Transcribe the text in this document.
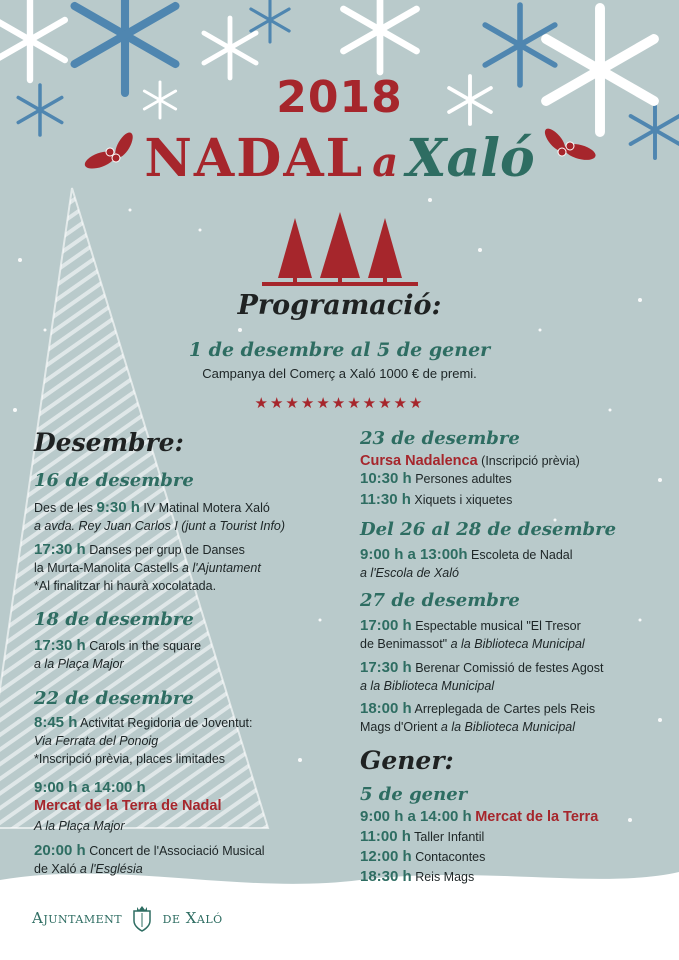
2018
NADAL a Xaló
Programació:
1 de desembre al 5 de gener
Campanya del Comerç a Xaló 1000 € de premi.
★★★★★★★★★★★
Desembre:
16 de desembre
Des de les 9:30 h IV Matinal Motera Xaló
a avda. Rey Juan Carlos I (junt a Tourist Info)
17:30 h Danses per grup de Danses
la Murta-Manolita Castells a l'Ajuntament
*Al finalitzar hi haurà xocolatada.
18 de desembre
17:30 h Carols in the square
a la Plaça Major
22 de desembre
8:45 h Activitat Regidoria de Joventut:
Via Ferrata del Ponoig
*Inscripció prèvia, places limitades
9:00 h a 14:00 h
Mercat de la Terra de Nadal
A la Plaça Major
20:00 h Concert de l'Associació Musical
de Xaló a l'Església
23 de desembre
Cursa Nadalenca (Inscripció prèvia)
10:30 h Persones adultes
11:30 h Xiquets i xiquetes
Del 26 al 28 de desembre
9:00 h a 13:00h Escoleta de Nadal
a l'Escola de Xaló
27 de desembre
17:00 h Espectable musical "El Tresor
de Benimassot" a la Biblioteca Municipal
17:30 h Berenar Comissió de festes Agost
a la Biblioteca Municipal
18:00 h Arreplegada de Cartes pels Reis
Mags d'Orient a la Biblioteca Municipal
Gener:
5 de gener
9:00 h a 14:00 h Mercat de la Terra
11:00 h Taller Infantil
12:00 h Contacontes
18:30 h Reis Mags
Ajuntament	de Xaló
